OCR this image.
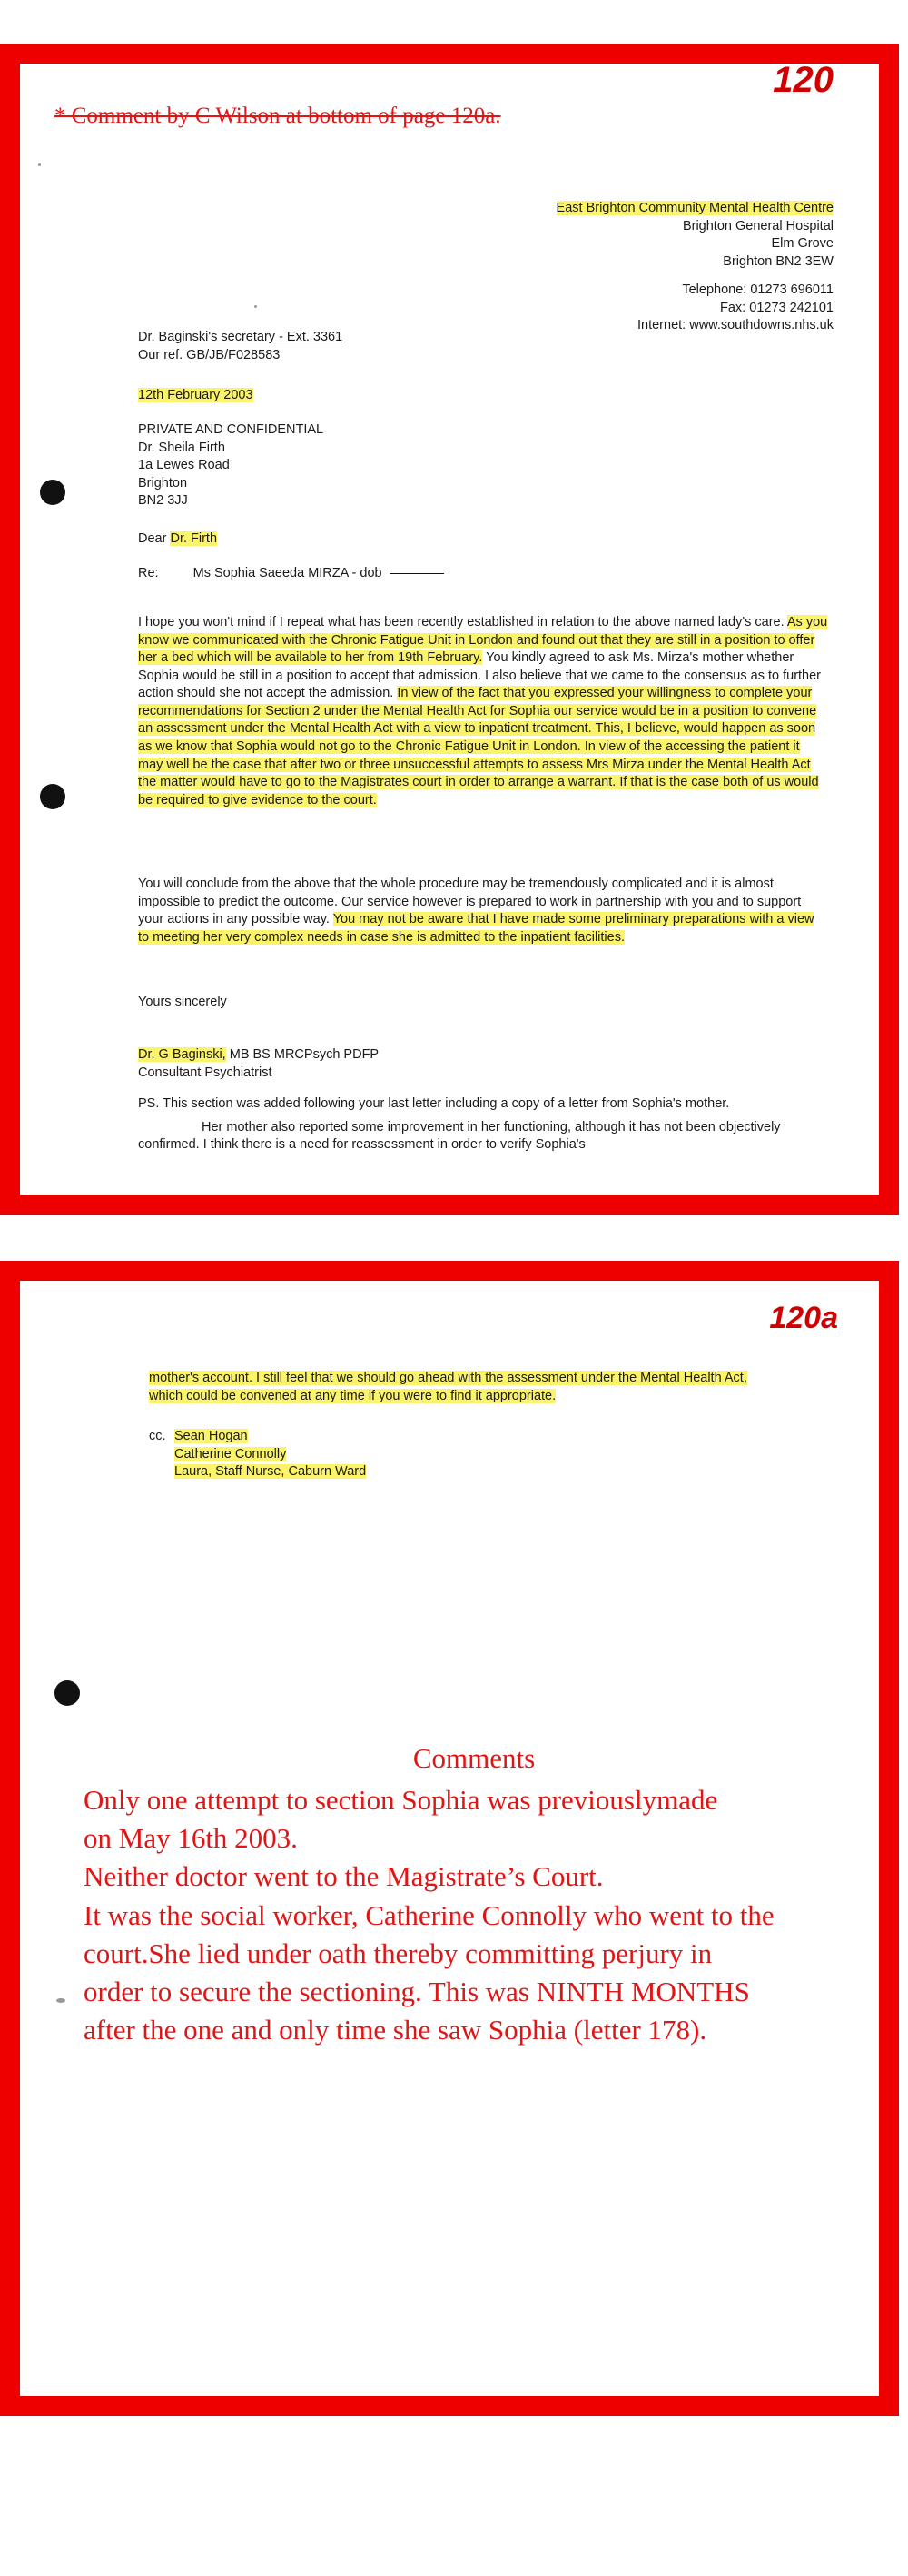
* Comment by C Wilson at bottom of page 120a.
120
East Brighton Community Mental Health Centre
Brighton General Hospital
Elm Grove
Brighton BN2 3EW
Telephone: 01273 696011
Fax: 01273 242101
Internet: www.southdowns.nhs.uk
Dr. Baginski's secretary - Ext. 3361
Our ref. GB/JB/F028583
12th February 2003
PRIVATE AND CONFIDENTIAL
Dr. Sheila Firth
1a Lewes Road
Brighton
BN2 3JJ
Dear Dr. Firth
Re:	Ms Sophia Saeeda MIRZA - dob
I hope you won't mind if I repeat what has been recently established in relation to the above named lady's care. As you know we communicated with the Chronic Fatigue Unit in London and found out that they are still in a position to offer her a bed which will be available to her from 19th February. You kindly agreed to ask Ms. Mirza's mother whether Sophia would be still in a position to accept that admission. I also believe that we came to the consensus as to further action should she not accept the admission. In view of the fact that you expressed your willingness to complete your recommendations for Section 2 under the Mental Health Act for Sophia our service would be in a position to convene an assessment under the Mental Health Act with a view to inpatient treatment. This, I believe, would happen as soon as we know that Sophia would not go to the Chronic Fatigue Unit in London. In view of the accessing the patient it may well be the case that after two or three unsuccessful attempts to assess Mrs Mirza under the Mental Health Act the matter would have to go to the Magistrates court in order to arrange a warrant. If that is the case both of us would be required to give evidence to the court.
You will conclude from the above that the whole procedure may be tremendously complicated and it is almost impossible to predict the outcome. Our service however is prepared to work in partnership with you and to support your actions in any possible way. You may not be aware that I have made some preliminary preparations with a view to meeting her very complex needs in case she is admitted to the inpatient facilities.
Yours sincerely
Dr. G Baginski, MB BS MRCPsych PDFP
Consultant Psychiatrist
PS. This section was added following your last letter including a copy of a letter from Sophia's mother.
Her mother also reported some improvement in her functioning, although it has not been objectively confirmed. I think there is a need for reassessment in order to verify Sophia's
120a
mother's account. I still feel that we should go ahead with the assessment under the Mental Health Act, which could be convened at any time if you were to find it appropriate.
cc. Sean Hogan
Catherine Connolly
Laura, Staff Nurse, Caburn Ward
Comments
Only one attempt to section Sophia was previouslymade
on May 16th 2003.
Neither doctor went to the Magistrate’s Court.
It was the social worker, Catherine Connolly who went to the
court.She lied under oath thereby committing perjury in
order to secure the sectioning. This was NINTH MONTHS
after the one and only time she saw Sophia (letter 178).
